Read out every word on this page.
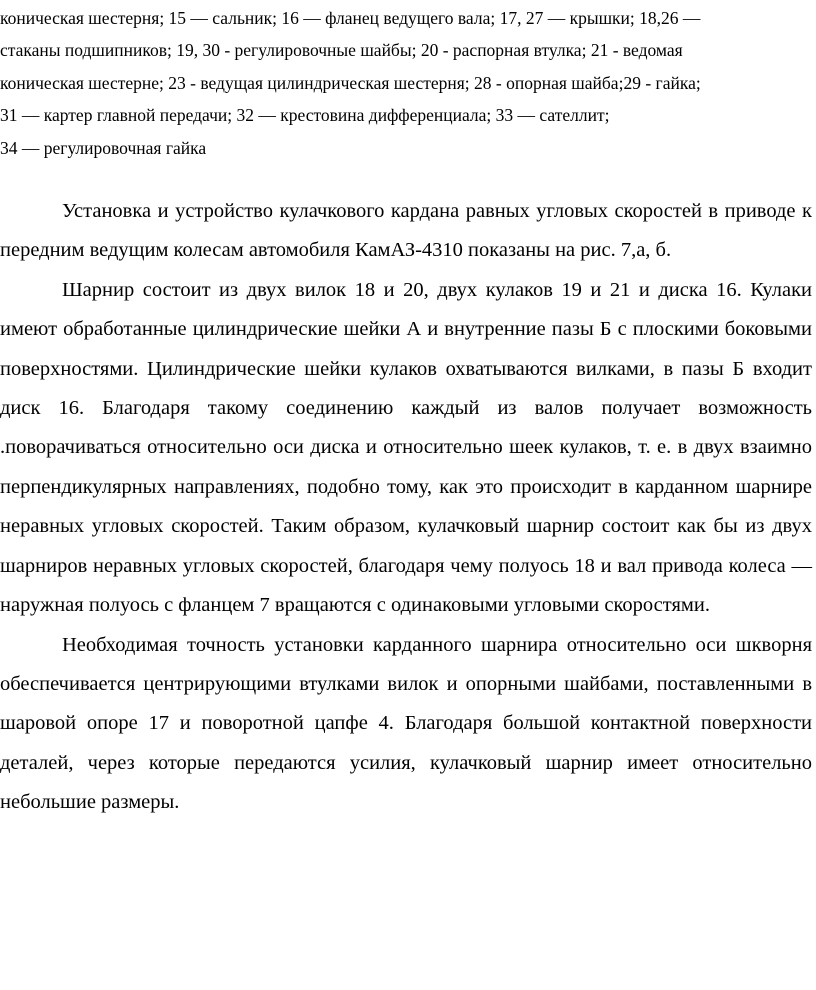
коническая шестерня; 15 — сальник; 16 — фланец ведущего вала; 17, 27 — крышки; 18,26 —
стаканы подшипников; 19, 30 - регулировочные шайбы; 20 - распорная втулка; 21 - ведомая
коническая шестерне; 23 - ведущая цилиндрическая шестерня; 28 - опорная шайба;29 - гайка;
31 — картер главной передачи; 32 — крестовина дифференциала; 33 — сателлит;
34 — регулировочная гайка

Установка и устройство кулачкового кардана равных угловых скоростей в приводе к передним ведущим колесам автомобиля КамАЗ-4310 показаны на рис. 7,а, б.

Шарнир состоит из двух вилок 18 и 20, двух кулаков 19 и 21 и диска 16. Кулаки имеют обработанные цилиндрические шейки А и внутренние пазы Б с плоскими боковыми поверхностями. Цилиндрические шейки кулаков охватываются вилками, в пазы Б входит диск 16. Благодаря такому соединению каждый из валов получает возможность .поворачиваться относительно оси диска и относительно шеек кулаков, т. е. в двух взаимно перпендикулярных направлениях, подобно тому, как это происходит в карданном шарнире неравных угловых скоростей. Таким образом, кулачковый шарнир состоит как бы из двух шарниров неравных угловых скоростей, благодаря чему полуось 18 и вал привода колеса — наружная полуось с фланцем 7 вращаются с одинаковыми угловыми скоростями.

Необходимая точность установки карданного шарнира относительно оси шкворня обеспечивается центрирующими втулками вилок и опорными шайбами, поставленными в шаровой опоре 17 и поворотной цапфе 4. Благодаря большой контактной поверхности деталей, через которые передаются усилия, кулачковый шарнир имеет относительно небольшие размеры.
